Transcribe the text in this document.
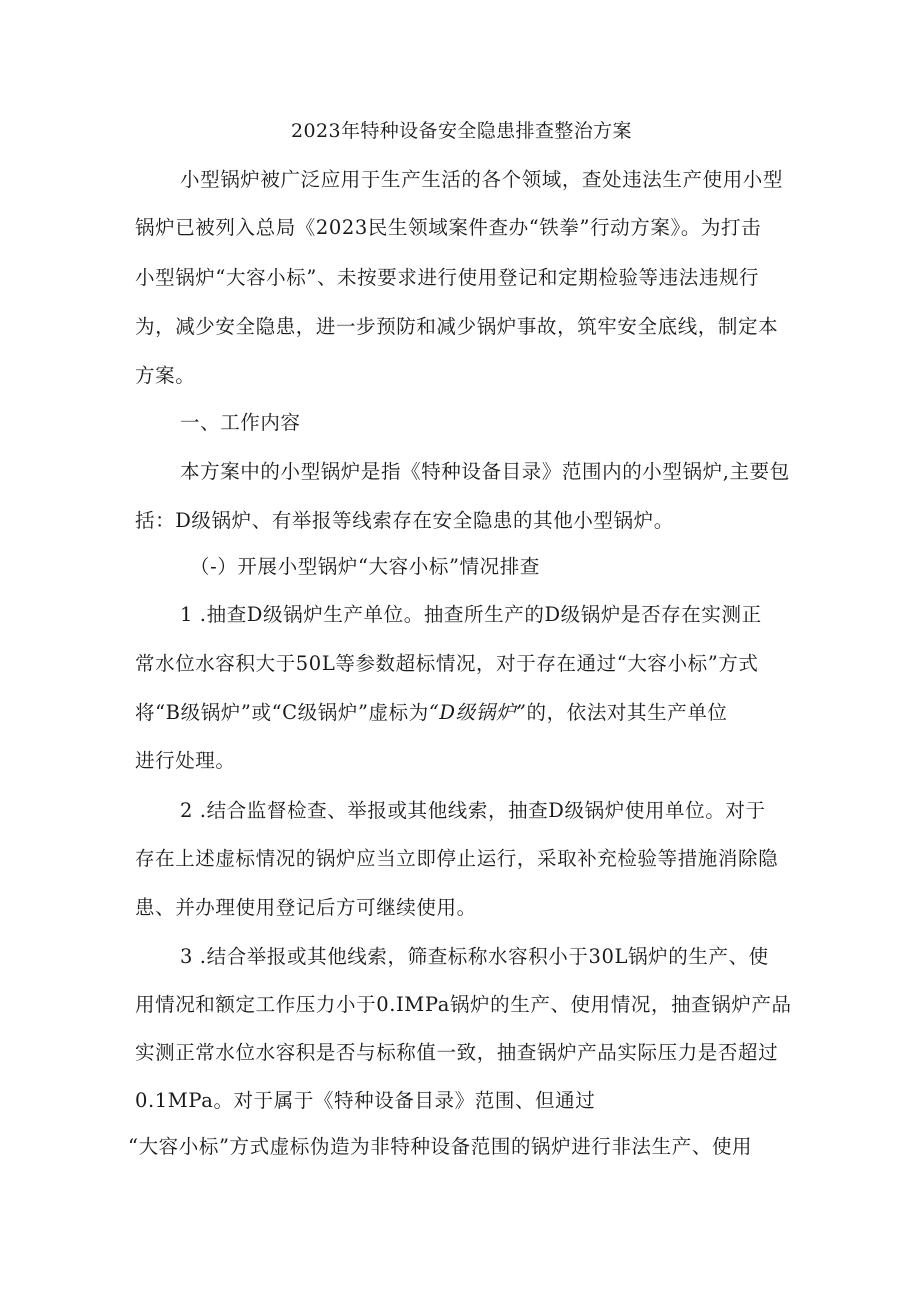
2023年特种设备安全隐患排查整治方案

小型锅炉被广泛应用于生产生活的各个领域，查处违法生产使用小型

锅炉已被列入总局《2023民生领域案件查办“铁拳”行动方案》。为打击

小型锅炉“大容小标”、未按要求进行使用登记和定期检验等违法违规行

为，减少安全隐患，进一步预防和减少锅炉事故，筑牢安全底线，制定本

方案。

一、工作内容

本方案中的小型锅炉是指《特种设备目录》范围内的小型锅炉,主要包

括：D级锅炉、有举报等线索存在安全隐患的其他小型锅炉。

（-）开展小型锅炉“大容小标”情况排查

1 .抽查D级锅炉生产单位。抽查所生产的D级锅炉是否存在实测正

常水位水容积大于50L等参数超标情况，对于存在通过“大容小标”方式

将“B级锅炉”或“C级锅炉”虚标为“D级锅炉”的，依法对其生产单位

进行处理。

2 .结合监督检查、举报或其他线索，抽查D级锅炉使用单位。对于

存在上述虚标情况的锅炉应当立即停止运行，采取补充检验等措施消除隐

患、并办理使用登记后方可继续使用。

3 .结合举报或其他线索，筛查标称水容积小于30L锅炉的生产、使

用情况和额定工作压力小于0.IMPa锅炉的生产、使用情况，抽查锅炉产品

实测正常水位水容积是否与标称值一致，抽查锅炉产品实际压力是否超过

0.1MPa。对于属于《特种设备目录》范围、但通过

“大容小标”方式虚标伪造为非特种设备范围的锅炉进行非法生产、使用
